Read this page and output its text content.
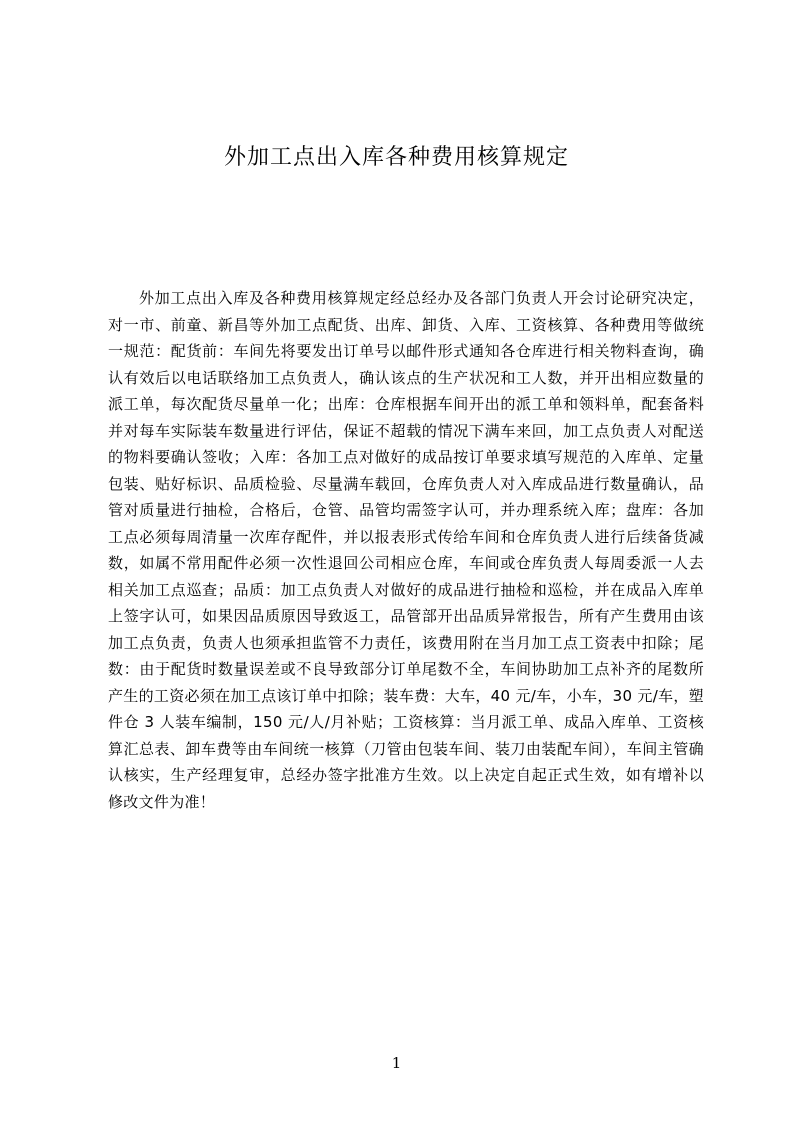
外加工点出入库各种费用核算规定

外加工点出入库及各种费用核算规定经总经办及各部门负责人开会讨论研究决定，对一市、前童、新昌等外加工点配货、出库、卸货、入库、工资核算、各种费用等做统一规范：配货前：车间先将要发出订单号以邮件形式通知各仓库进行相关物料查询，确认有效后以电话联络加工点负责人，确认该点的生产状况和工人数，并开出相应数量的派工单，每次配货尽量单一化；出库：仓库根据车间开出的派工单和领料单，配套备料并对每车实际装车数量进行评估，保证不超载的情况下满车来回，加工点负责人对配送的物料要确认签收；入库：各加工点对做好的成品按订单要求填写规范的入库单、定量包装、贴好标识、品质检验、尽量满车载回，仓库负责人对入库成品进行数量确认，品管对质量进行抽检，合格后，仓管、品管均需签字认可，并办理系统入库；盘库：各加工点必须每周清量一次库存配件，并以报表形式传给车间和仓库负责人进行后续备货减数，如属不常用配件必须一次性退回公司相应仓库，车间或仓库负责人每周委派一人去相关加工点巡查；品质：加工点负责人对做好的成品进行抽检和巡检，并在成品入库单上签字认可，如果因品质原因导致返工，品管部开出品质异常报告，所有产生费用由该加工点负责，负责人也须承担监管不力责任，该费用附在当月加工点工资表中扣除；尾数：由于配货时数量误差或不良导致部分订单尾数不全，车间协助加工点补齐的尾数所产生的工资必须在加工点该订单中扣除；装车费：大车，40 元/车，小车，30 元/车，塑件仓 3 人装车编制，150 元/人/月补贴；工资核算：当月派工单、成品入库单、工资核算汇总表、卸车费等由车间统一核算（刀管由包装车间、装刀由装配车间），车间主管确认核实，生产经理复审，总经办签字批准方生效。以上决定自起正式生效，如有增补以修改文件为准！

1
